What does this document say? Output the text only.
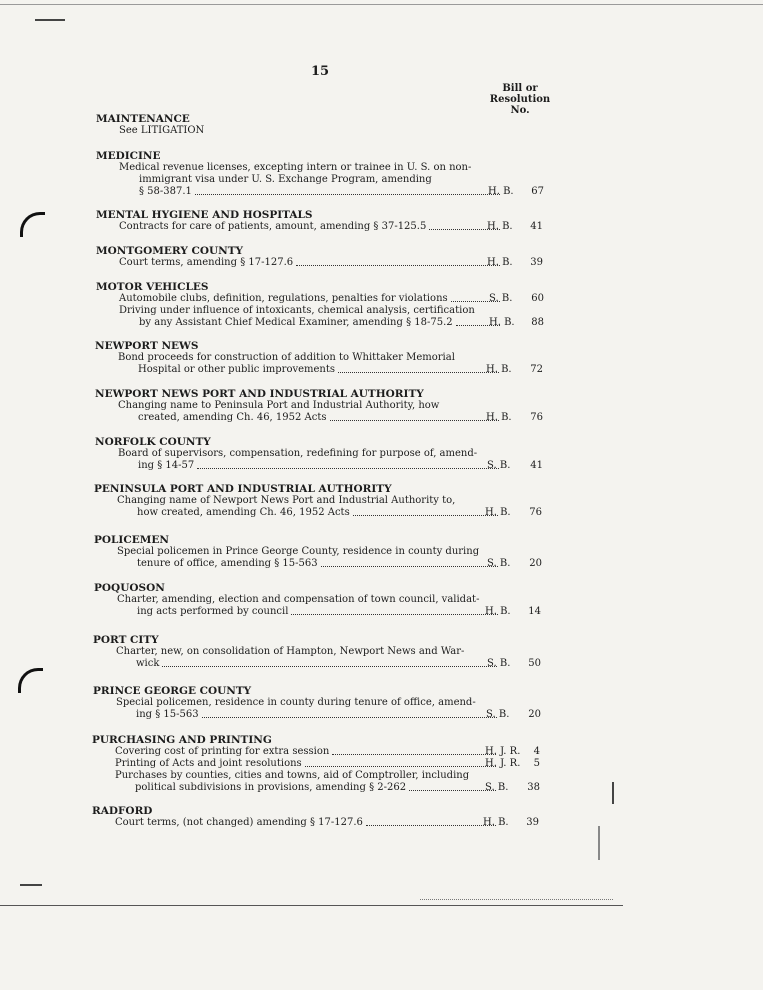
15
Bill or
Resolution
No.
MAINTENANCE
See LITIGATION
MEDICINE
Medical revenue licenses, excepting intern or trainee in U. S. on non-
immigrant visa under U. S. Exchange Program, amending
§ 58-387.1	H. B.	67
MENTAL HYGIENE AND HOSPITALS
Contracts for care of patients, amount, amending § 37-125.5	H. B.	41
MONTGOMERY COUNTY
Court terms, amending § 17-127.6	H. B.	39
MOTOR VEHICLES
Automobile clubs, definition, regulations, penalties for violations	S. B.	60
Driving under influence of intoxicants, chemical analysis, certification
by any Assistant Chief Medical Examiner, amending § 18-75.2	H. B.	88
NEWPORT NEWS
Bond proceeds for construction of addition to Whittaker Memorial
Hospital or other public improvements	H. B.	72
NEWPORT NEWS PORT AND INDUSTRIAL AUTHORITY
Changing name to Peninsula Port and Industrial Authority, how
created, amending Ch. 46, 1952 Acts	H. B.	76
NORFOLK COUNTY
Board of supervisors, compensation, redefining for purpose of, amend-
ing § 14-57	S. B.	41
PENINSULA PORT AND INDUSTRIAL AUTHORITY
Changing name of Newport News Port and Industrial Authority to,
how created, amending Ch. 46, 1952 Acts	H. B.	76
POLICEMEN
Special policemen in Prince George County, residence in county during
tenure of office, amending § 15-563	S. B.	20
POQUOSON
Charter, amending, election and compensation of town council, validat-
ing acts performed by council	H. B.	14
PORT CITY
Charter, new, on consolidation of Hampton, Newport News and War-
wick	S. B.	50
PRINCE GEORGE COUNTY
Special policemen, residence in county during tenure of office, amend-
ing § 15-563	S. B.	20
PURCHASING AND PRINTING
Covering cost of printing for extra session	H. J. R.	4
Printing of Acts and joint resolutions	H. J. R.	5
Purchases by counties, cities and towns, aid of Comptroller, including
political subdivisions in provisions, amending § 2-262	S. B.	38
RADFORD
Court terms, (not changed) amending § 17-127.6	H. B.	39
